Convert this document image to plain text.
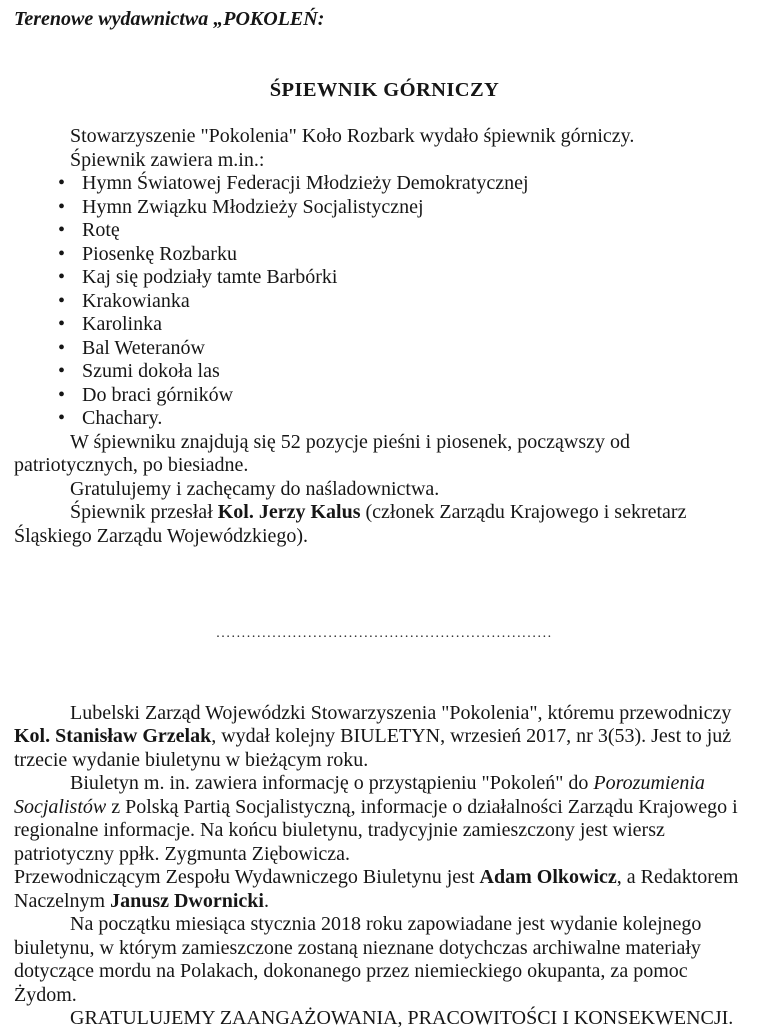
Terenowe wydawnictwa „POKOLEŃ:

ŚPIEWNIK GÓRNICZY

Stowarzyszenie "Pokolenia" Koło Rozbark wydało śpiewnik górniczy.

Śpiewnik zawiera m.in.:

• Hymn Światowej Federacji Młodzieży Demokratycznej
• Hymn Związku Młodzieży Socjalistycznej
• Rotę
• Piosenkę Rozbarku
• Kaj się podziały tamte Barbórki
• Krakowianka
• Karolinka
• Bal Weteranów
• Szumi dokoła las
• Do braci górników
• Chachary.

W śpiewniku znajdują się 52 pozycje pieśni i piosenek, począwszy od patriotycznych, po biesiadne.

Gratulujemy i zachęcamy do naśladownictwa.

Śpiewnik przesłał Kol. Jerzy Kalus (członek Zarządu Krajowego i sekretarz Śląskiego Zarządu Wojewódzkiego).

..................................................................

Lubelski Zarząd Wojewódzki Stowarzyszenia "Pokolenia", któremu przewodniczy Kol. Stanisław Grzelak, wydał kolejny BIULETYN, wrzesień 2017, nr 3(53). Jest to już trzecie wydanie biuletynu w bieżącym roku.

Biuletyn m. in. zawiera informację o przystąpieniu "Pokoleń" do Porozumienia Socjalistów z Polską Partią Socjalistyczną, informacje o działalności Zarządu Krajowego i regionalne informacje. Na końcu biuletynu, tradycyjnie zamieszczony jest wiersz patriotyczny ppłk. Zygmunta Ziębowicza.

Przewodniczącym Zespołu Wydawniczego Biuletynu jest Adam Olkowicz, a Redaktorem Naczelnym Janusz Dwornicki.

Na początku miesiąca stycznia 2018 roku zapowiadane jest wydanie kolejnego biuletynu, w którym zamieszczone zostaną nieznane dotychczas archiwalne materiały dotyczące mordu na Polakach, dokonanego przez niemieckiego okupanta, za pomoc Żydom.

GRATULUJEMY ZAANGAŻOWANIA, PRACOWITOŚCI I KONSEKWENCJI.
